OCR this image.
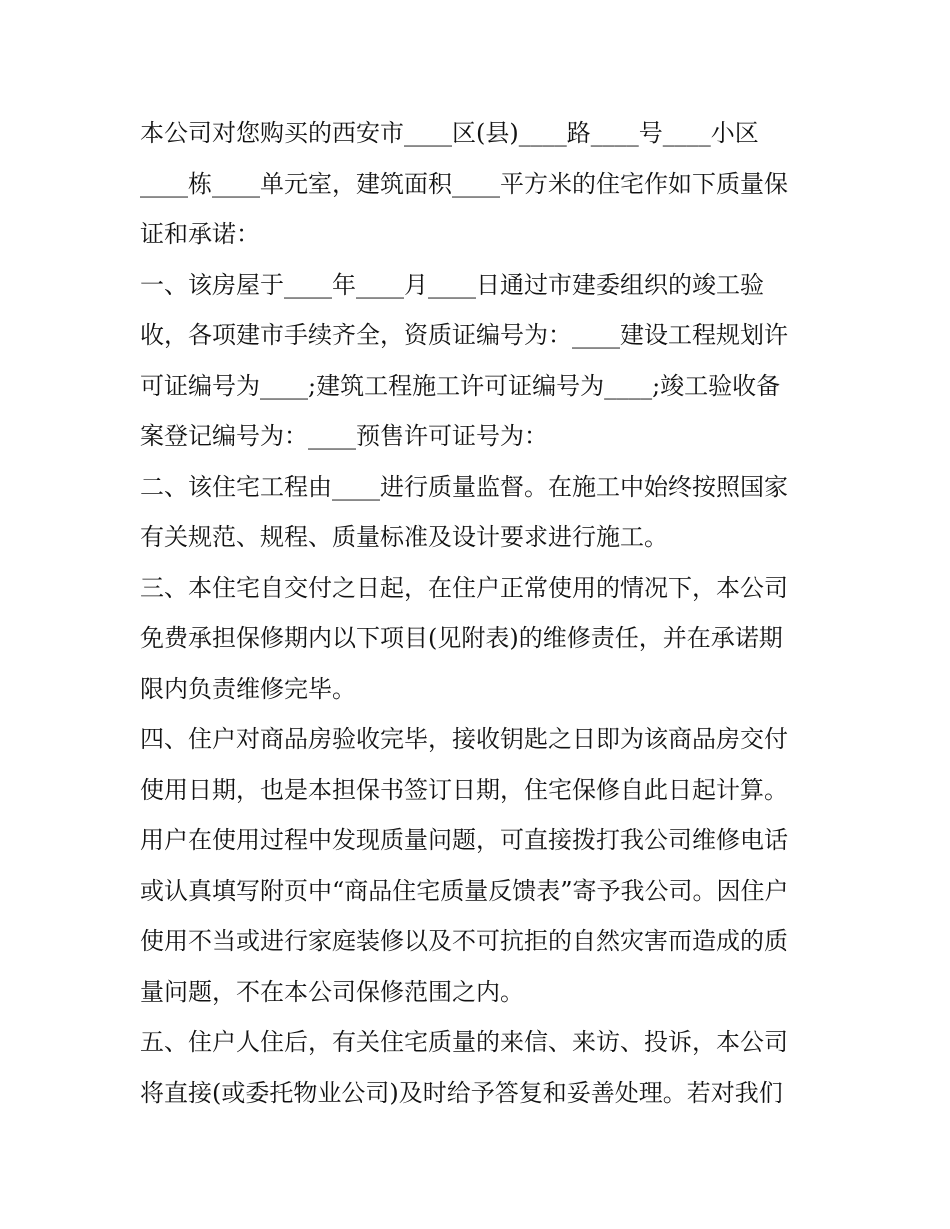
本公司对您购买的西安市____区(县)____路____号____小区
____栋____单元室，建筑面积____平方米的住宅作如下质量保
证和承诺：
一、该房屋于____年____月____日通过市建委组织的竣工验
收，各项建市手续齐全，资质证编号为：____建设工程规划许
可证编号为____;建筑工程施工许可证编号为____;竣工验收备
案登记编号为：____预售许可证号为：
二、该住宅工程由____进行质量监督。在施工中始终按照国家
有关规范、规程、质量标准及设计要求进行施工。
三、本住宅自交付之日起，在住户正常使用的情况下，本公司
免费承担保修期内以下项目(见附表)的维修责任，并在承诺期
限内负责维修完毕。
四、住户对商品房验收完毕，接收钥匙之日即为该商品房交付
使用日期，也是本担保书签订日期，住宅保修自此日起计算。
用户在使用过程中发现质量问题，可直接拨打我公司维修电话
或认真填写附页中“商品住宅质量反馈表”寄予我公司。因住户
使用不当或进行家庭装修以及不可抗拒的自然灾害而造成的质
量问题，不在本公司保修范围之内。
五、住户人住后，有关住宅质量的来信、来访、投诉，本公司
将直接(或委托物业公司)及时给予答复和妥善处理。若对我们
